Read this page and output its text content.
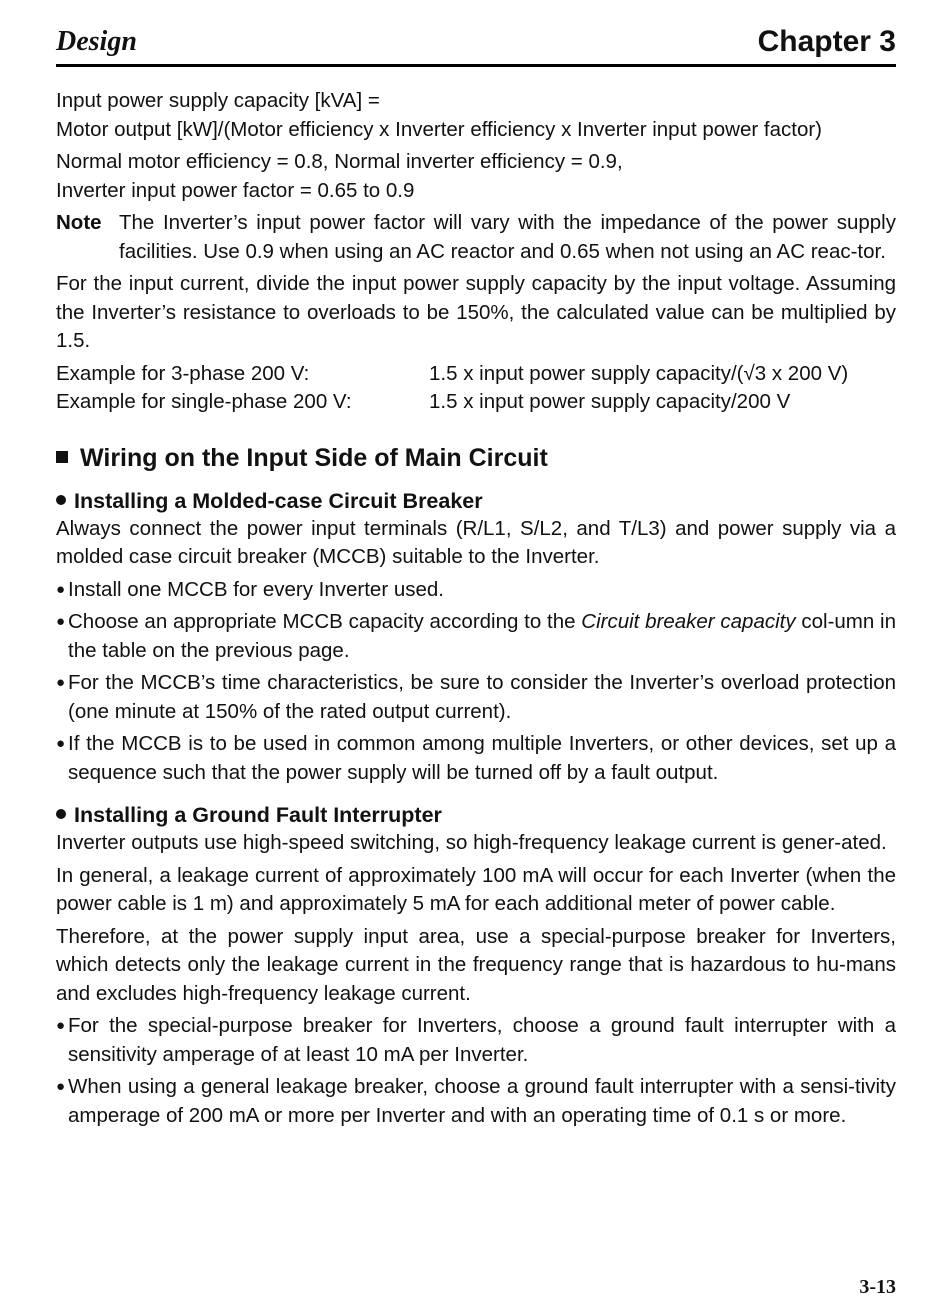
Design	Chapter 3

Input power supply capacity [kVA] =

Motor output [kW]/(Motor efficiency x Inverter efficiency x Inverter input power factor)

Normal motor efficiency = 0.8, Normal inverter efficiency = 0.9,

Inverter input power factor = 0.65 to 0.9

Note The Inverter’s input power factor will vary with the impedance of the power supply facilities. Use 0.9 when using an AC reactor and 0.65 when not using an AC reac-tor.

For the input current, divide the input power supply capacity by the input voltage. Assuming the Inverter’s resistance to overloads to be 150%, the calculated value can be multiplied by 1.5.

Example for 3-phase 200 V:	1.5 x input power supply capacity/(√3 x 200 V)
Example for single-phase 200 V:	1.5 x input power supply capacity/200 V
Wiring on the Input Side of Main Circuit
Installing a Molded-case Circuit Breaker

Always connect the power input terminals (R/L1, S/L2, and T/L3) and power supply via a molded case circuit breaker (MCCB) suitable to the Inverter.

● Install one MCCB for every Inverter used.
● Choose an appropriate MCCB capacity according to the Circuit breaker capacity col-umn in the table on the previous page.
● For the MCCB’s time characteristics, be sure to consider the Inverter’s overload protection (one minute at 150% of the rated output current).
● If the MCCB is to be used in common among multiple Inverters, or other devices, set up a sequence such that the power supply will be turned off by a fault output.
Installing a Ground Fault Interrupter

Inverter outputs use high-speed switching, so high-frequency leakage current is gener-ated.

In general, a leakage current of approximately 100 mA will occur for each Inverter (when the power cable is 1 m) and approximately 5 mA for each additional meter of power cable.

Therefore, at the power supply input area, use a special-purpose breaker for Inverters, which detects only the leakage current in the frequency range that is hazardous to hu-mans and excludes high-frequency leakage current.

● For the special-purpose breaker for Inverters, choose a ground fault interrupter with a sensitivity amperage of at least 10 mA per Inverter.
● When using a general leakage breaker, choose a ground fault interrupter with a sensi-tivity amperage of 200 mA or more per Inverter and with an operating time of 0.1 s or more.
3-13
